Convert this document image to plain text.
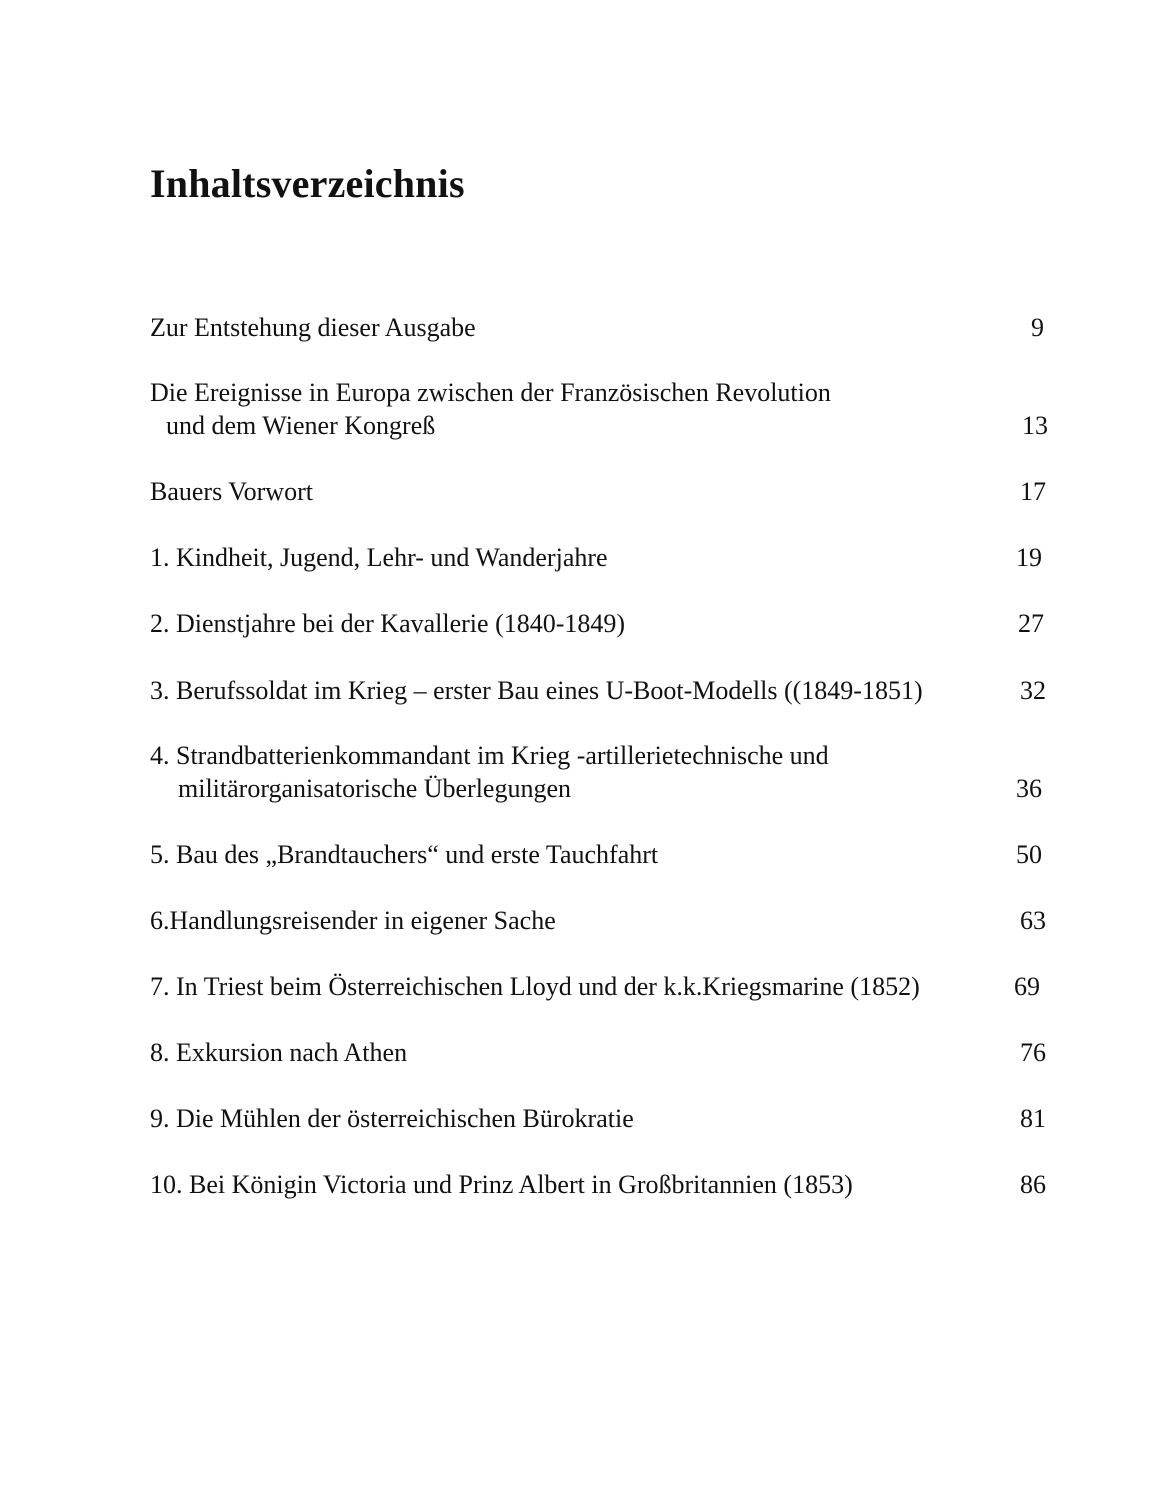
Inhaltsverzeichnis
Zur Entstehung dieser Ausgabe	9
Die Ereignisse in Europa zwischen der Französischen Revolution
und dem Wiener Kongreß	13
Bauers Vorwort	17
1. Kindheit, Jugend, Lehr- und Wanderjahre	19
2. Dienstjahre bei der Kavallerie (1840-1849)	27
3. Berufssoldat im Krieg – erster Bau eines U-Boot-Modells ((1849-1851)	32
4. Strandbatterienkommandant im Krieg -artillerietechnische und
militärorganisatorische Überlegungen	36
5. Bau des „Brandtauchers“ und erste Tauchfahrt	50
6.Handlungsreisender in eigener Sache	63
7. In Triest beim Österreichischen Lloyd und der k.k.Kriegsmarine (1852)	69
8. Exkursion nach Athen	76
9. Die Mühlen der österreichischen Bürokratie	81
10. Bei Königin Victoria und Prinz Albert in Großbritannien (1853)	86
